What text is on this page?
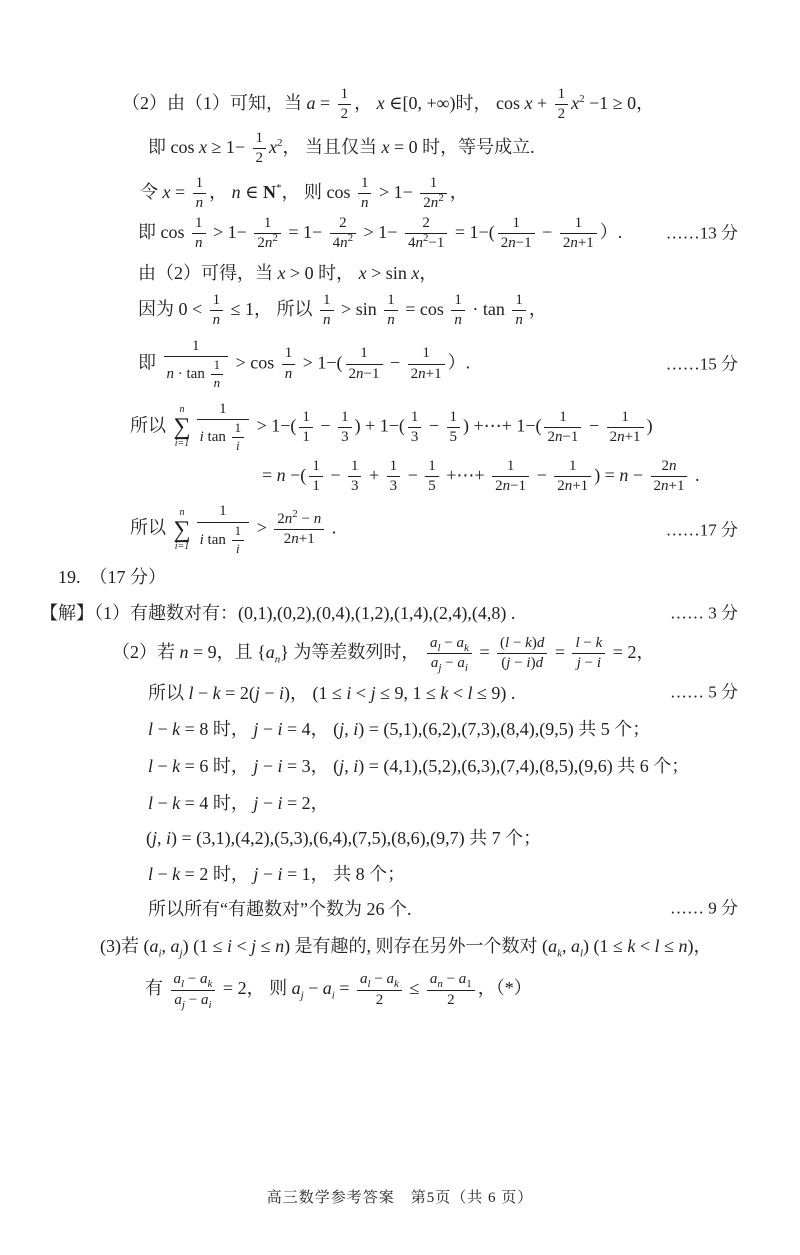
（2）由（1）可知，当 $a = \frac{1}{2}$ ， x ∈[0, +∞)时， $\cos x + \frac{1}{2} x^2 -1 \ge 0$，
即 $\cos x \ge 1- \frac{1}{2} x^2$， 当且仅当 x = 0 时，等号成立.
令 $x = \frac{1}{n}$ ， n ∈ N*， 则 $\cos \frac{1}{n} > 1- \frac{1}{2n^2}$ ，
即 $\cos \frac{1}{n} > 1- \frac{1}{2n^2} = 1- \frac{2}{4n^2} > 1- \frac{2}{4n^2-1} = 1-( \frac{1}{2n-1} - \frac{1}{2n+1}$ ）.	……13 分
由（2）可得，当 x > 0 时， x > sin x，
因为 $0 < \frac{1}{n} \le 1$， 所以 $\frac{1}{n} > \sin \frac{1}{n} = \cos \frac{1}{n} \cdot \tan \frac{1}{n}$ ，
即 $\frac{1}{n \cdot \tan \frac{1}{n}} > \cos \frac{1}{n} > 1-( \frac{1}{2n-1} - \frac{1}{2n+1}$ ）.	……15 分
所以
n
∑
$i=1 \frac{1}{i \tan \frac{1}{i}} > 1-( \frac{1}{1} - \frac{1}{3}$ ) + $1-( \frac{1}{3} - \frac{1}{5}$ ) +⋯+ $1-( \frac{1}{2n-1} - \frac{1}{2n+1}$ )
= n −( $\frac{1}{1} - \frac{1}{3} + \frac{1}{3} - \frac{1}{5}$ +⋯+ $\frac{1}{2n-1} - \frac{1}{2n+1}$ ) = $n - \frac{2n}{2n+1}$ .
所以
n
∑
$i=1 \frac{1}{i \tan \frac{1}{i}} > \frac{2n^2 - n}{2n+1}$ .	……17 分
19.　（17 分）
【解】（1）有趣数对有：(0,1),(0,2),(0,4),(1,2),(1,4),(2,4),(4,8) .	…… 3 分
（2）若 n = 9，且 $\{a_n\}$ 为等差数列时， $\frac{a_l - a_k}{a_j - a_i} = \frac{(l - k)d}{(j - i)d} = \frac{l - k}{j - i} = 2$，
所以 l − k = 2(j − i)， (1 ≤ i < j ≤ 9, 1 ≤ k < l ≤ 9) .	…… 5 分
l − k = 8 时， j − i = 4， (j, i) = (5,1),(6,2),(7,3),(8,4),(9,5) 共 5 个；
l − k = 6 时， j − i = 3， (j, i) = (4,1),(5,2),(6,3),(7,4),(8,5),(9,6) 共 6 个；
l − k = 4 时， j − i = 2，
(j, i) = (3,1),(4,2),(5,3),(6,4),(7,5),(8,6),(9,7) 共 7 个；
l − k = 2 时， j − i = 1， 共 8 个；
所以所有“有趣数对”个数为 26 个.	…… 9 分
(3)若 ($a_i$, $a_j$) (1 ≤ i < j ≤ n) 是有趣的, 则存在另外一个数对 ($a_k$, $a_l$) (1 ≤ k < l ≤ n)，
有 $\frac{a_l - a_k}{a_j - a_i} = 2$， 则 $a_j - a_i = \frac{a_l - a_k}{2} \le \frac{a_n - a_1}{2}$ ，（*）
高三数学参考答案　第5页（共 6 页）
